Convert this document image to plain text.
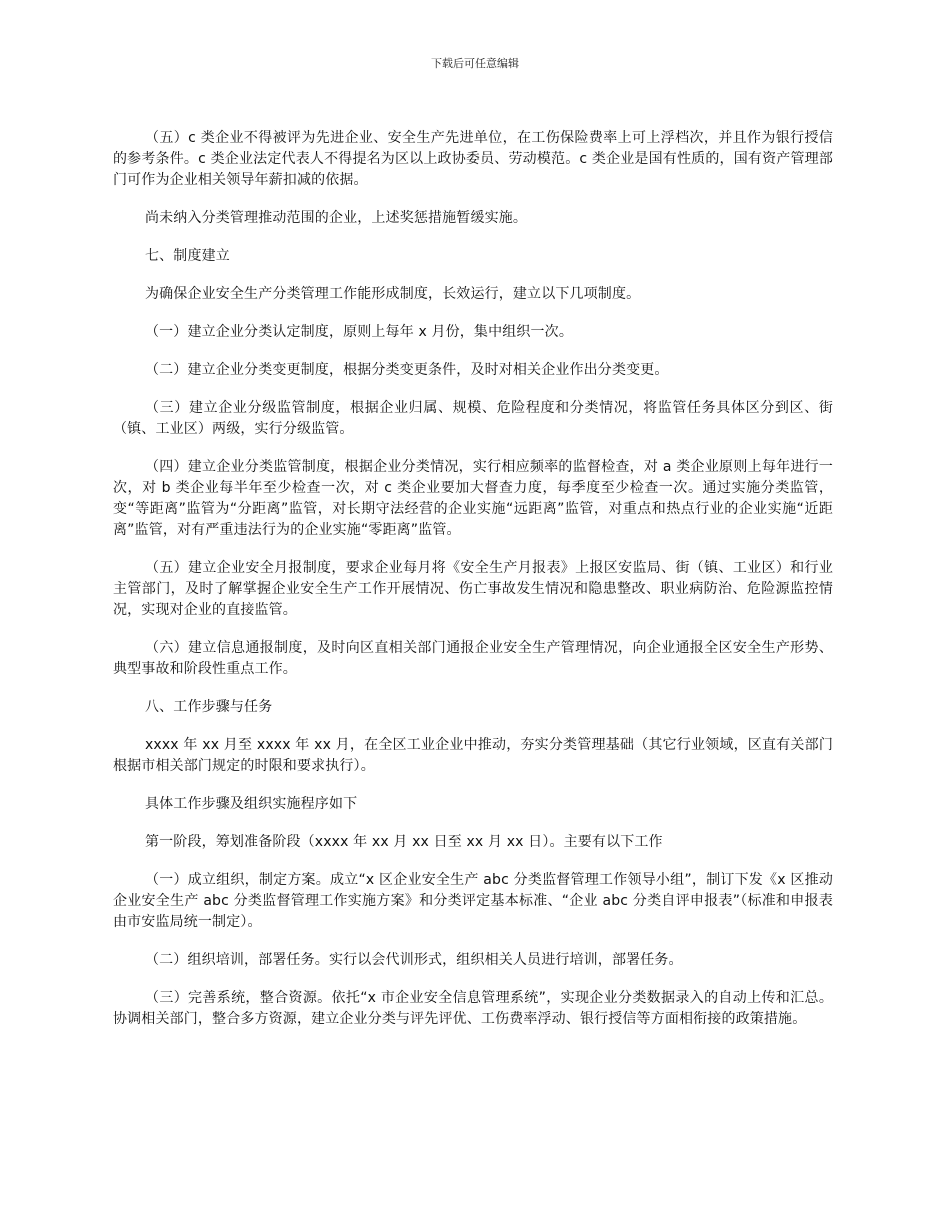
下载后可任意编辑

（五）c 类企业不得被评为先进企业、安全生产先进单位，在工伤保险费率上可上浮档次，并且作为银行授信的参考条件。c 类企业法定代表人不得提名为区以上政协委员、劳动模范。c 类企业是国有性质的，国有资产管理部门可作为企业相关领导年薪扣减的依据。

尚未纳入分类管理推动范围的企业，上述奖惩措施暂缓实施。

七、制度建立

为确保企业安全生产分类管理工作能形成制度，长效运行，建立以下几项制度。

（一）建立企业分类认定制度，原则上每年 x 月份，集中组织一次。

（二）建立企业分类变更制度，根据分类变更条件，及时对相关企业作出分类变更。

（三）建立企业分级监管制度，根据企业归属、规模、危险程度和分类情况，将监管任务具体区分到区、街（镇、工业区）两级，实行分级监管。

（四）建立企业分类监管制度，根据企业分类情况，实行相应频率的监督检查，对 a 类企业原则上每年进行一次，对 b 类企业每半年至少检查一次，对 c 类企业要加大督查力度，每季度至少检查一次。通过实施分类监管，变“等距离”监管为“分距离”监管，对长期守法经营的企业实施“远距离”监管，对重点和热点行业的企业实施“近距离”监管，对有严重违法行为的企业实施“零距离”监管。

（五）建立企业安全月报制度，要求企业每月将《安全生产月报表》上报区安监局、街（镇、工业区）和行业主管部门，及时了解掌握企业安全生产工作开展情况、伤亡事故发生情况和隐患整改、职业病防治、危险源监控情况，实现对企业的直接监管。

（六）建立信息通报制度，及时向区直相关部门通报企业安全生产管理情况，向企业通报全区安全生产形势、典型事故和阶段性重点工作。

八、工作步骤与任务

xxxx 年 xx 月至 xxxx 年 xx 月，在全区工业企业中推动，夯实分类管理基础（其它行业领域，区直有关部门根据市相关部门规定的时限和要求执行）。

具体工作步骤及组织实施程序如下

第一阶段，筹划准备阶段（xxxx 年 xx 月 xx 日至 xx 月 xx 日）。主要有以下工作

（一）成立组织，制定方案。成立“x 区企业安全生产 abc 分类监督管理工作领导小组”，制订下发《x 区推动企业安全生产 abc 分类监督管理工作实施方案》和分类评定基本标准、“企业 abc 分类自评申报表”（标准和申报表由市安监局统一制定）。

（二）组织培训，部署任务。实行以会代训形式，组织相关人员进行培训，部署任务。

（三）完善系统，整合资源。依托“x 市企业安全信息管理系统”，实现企业分类数据录入的自动上传和汇总。协调相关部门，整合多方资源，建立企业分类与评先评优、工伤费率浮动、银行授信等方面相衔接的政策措施。
